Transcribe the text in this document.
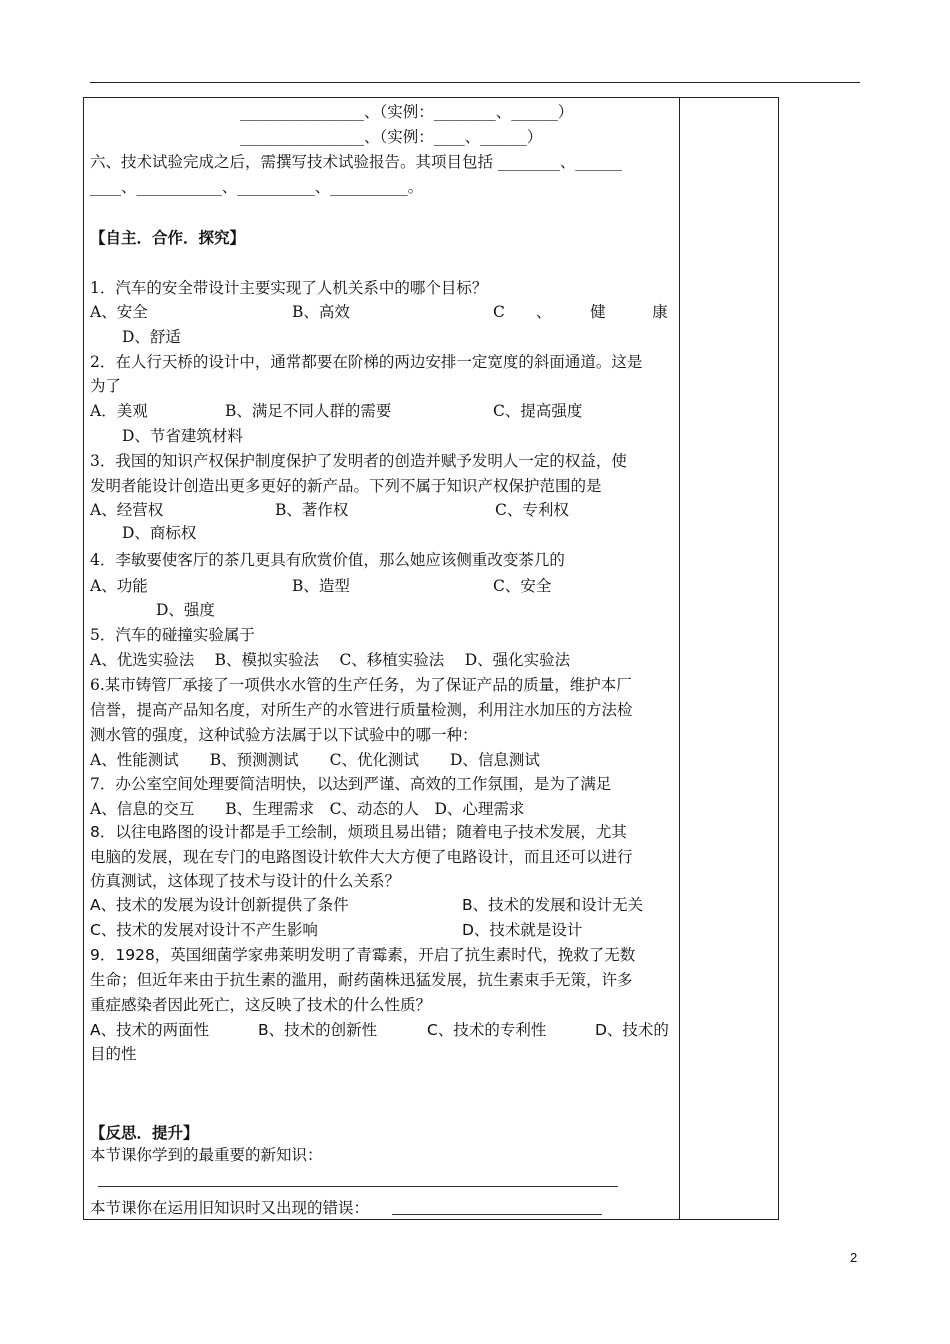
________________、（实例：________、______）
________________、（实例：____、______）
六、技术试验完成之后，需撰写技术试验报告。其项目包括 ________、______
____、___________、__________、__________。
【自主．合作．探究】
1．汽车的安全带设计主要实现了人机关系中的哪个目标？
A、安全	B、高效	C　　、　　　健　　　康
D、舒适
2．在人行天桥的设计中，通常都要在阶梯的两边安排一定宽度的斜面通道。这是
为了
A．美观	B、满足不同人群的需要	C、提高强度
D、节省建筑材料
3．我国的知识产权保护制度保护了发明者的创造并赋予发明人一定的权益，使
发明者能设计创造出更多更好的新产品。下列不属于知识产权保护范围的是
A、经营权	B、著作权	C、专利权
D、商标权
4．李敏要使客厅的茶几更具有欣赏价值，那么她应该侧重改变茶几的
A、功能	B、造型	C、安全
D、强度
5．汽车的碰撞实验属于
A、优选实验法　 B、模拟实验法　 C、移植实验法　 D、强化实验法
6.某市铸管厂承接了一项供水水管的生产任务，为了保证产品的质量，维护本厂
信誉，提高产品知名度，对所生产的水管进行质量检测，利用注水加压的方法检
测水管的强度，这种试验方法属于以下试验中的哪一种：
A、性能测试　　B、预测测试　　C、优化测试　　D、信息测试
7．办公室空间处理要简洁明快，以达到严谨、高效的工作氛围，是为了满足
A、信息的交互　　B、生理需求　C、动态的人　D、心理需求
8．以往电路图的设计都是手工绘制，烦琐且易出错；随着电子技术发展，尤其
电脑的发展，现在专门的电路图设计软件大大方便了电路设计，而且还可以进行
仿真测试，这体现了技术与设计的什么关系？
A、技术的发展为设计创新提供了条件	B、技术的发展和设计无关
C、技术的发展对设计不产生影响	D、技术就是设计
9．1928，英国细菌学家弗莱明发明了青霉素，开启了抗生素时代，挽救了无数
生命；但近年来由于抗生素的滥用，耐药菌株迅猛发展，抗生素束手无策，许多
重症感染者因此死亡，这反映了技术的什么性质？
A、技术的两面性	B、技术的创新性	C、技术的专利性	D、技术的
目的性
【反思．提升】
本节课你学到的最重要的新知识：
本节课你在运用旧知识时又出现的错误：
2
